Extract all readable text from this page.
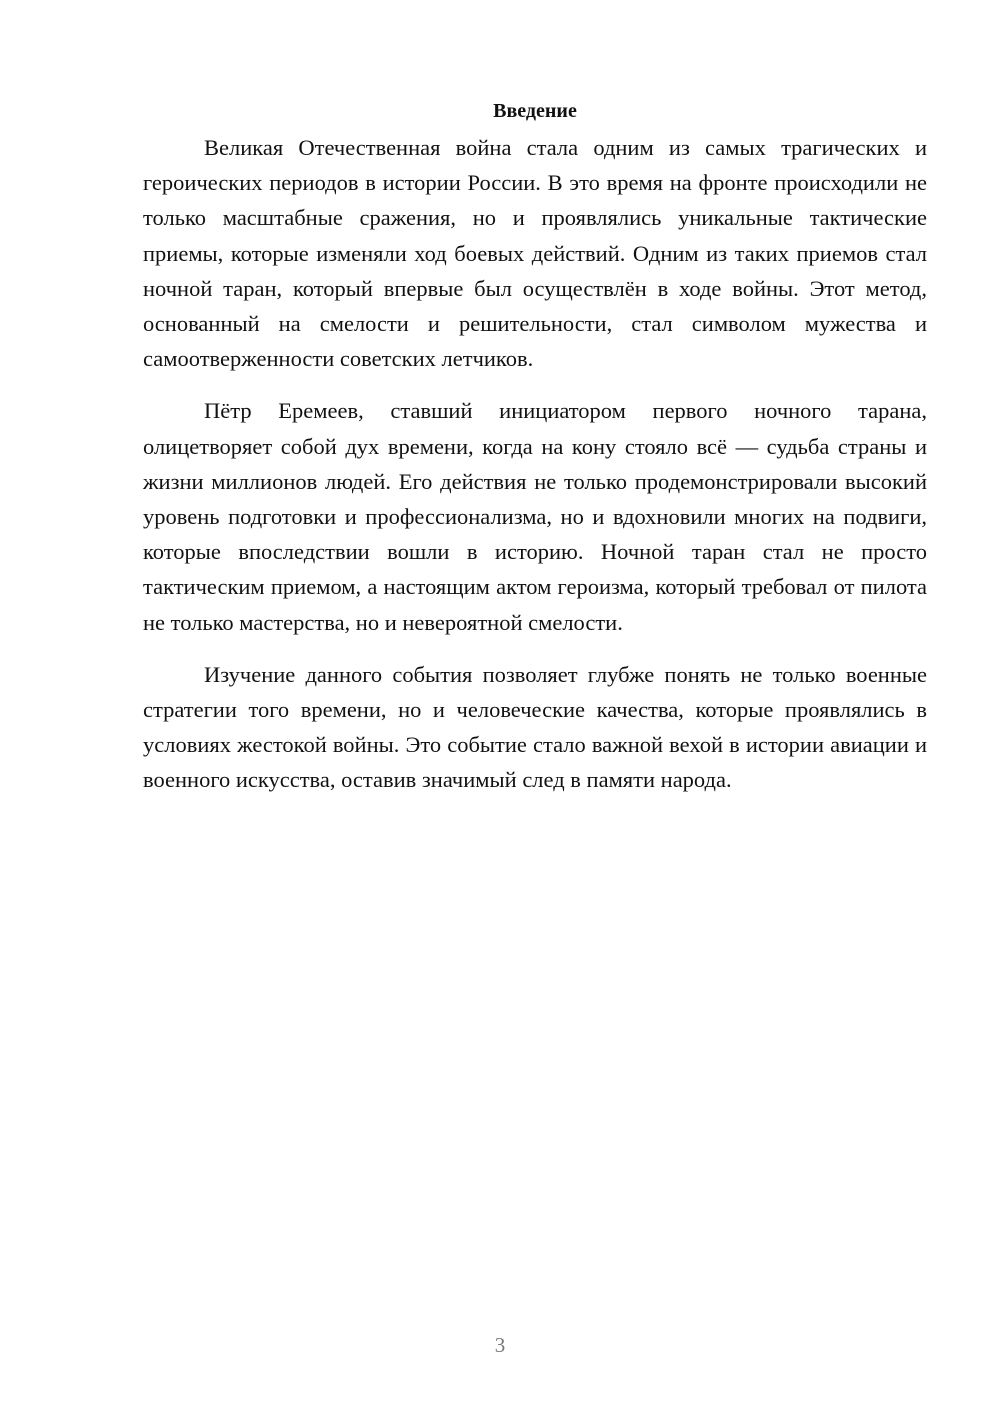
Введение

Великая Отечественная война стала одним из самых трагических и героических периодов в истории России. В это время на фронте происходили не только масштабные сражения, но и проявлялись уникальные тактические приемы, которые изменяли ход боевых действий. Одним из таких приемов стал ночной таран, который впервые был осуществлён в ходе войны. Этот метод, основанный на смелости и решительности, стал символом мужества и самоотверженности советских летчиков.

Пётр Еремеев, ставший инициатором первого ночного тарана, олицетворяет собой дух времени, когда на кону стояло всё — судьба страны и жизни миллионов людей. Его действия не только продемонстрировали высокий уровень подготовки и профессионализма, но и вдохновили многих на подвиги, которые впоследствии вошли в историю. Ночной таран стал не просто тактическим приемом, а настоящим актом героизма, который требовал от пилота не только мастерства, но и невероятной смелости.

Изучение данного события позволяет глубже понять не только военные стратегии того времени, но и человеческие качества, которые проявлялись в условиях жестокой войны. Это событие стало важной вехой в истории авиации и военного искусства, оставив значимый след в памяти народа.

3
